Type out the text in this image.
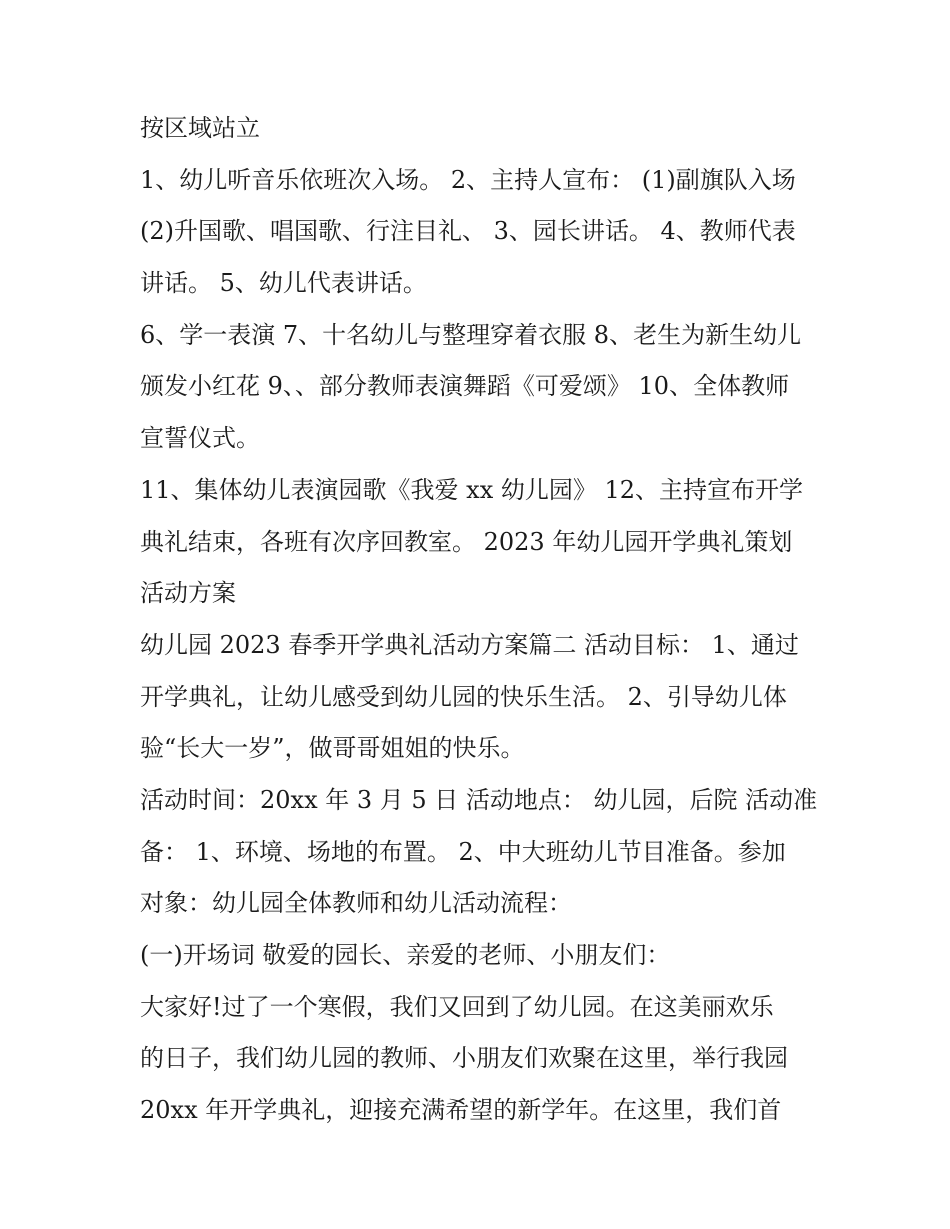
按区域站立
1、幼儿听音乐依班次入场。 2、主持人宣布： (1)副旗队入场
(2)升国歌、唱国歌、行注目礼、 3、园长讲话。 4、教师代表
讲话。 5、幼儿代表讲话。
6、学一表演 7、十名幼儿与整理穿着衣服 8、老生为新生幼儿
颁发小红花 9、、部分教师表演舞蹈《可爱颂》 10、全体教师
宣誓仪式。
11、集体幼儿表演园歌《我爱 xx 幼儿园》 12、主持宣布开学
典礼结束，各班有次序回教室。 2023 年幼儿园开学典礼策划
活动方案
幼儿园 2023 春季开学典礼活动方案篇二 活动目标： 1、通过
开学典礼，让幼儿感受到幼儿园的快乐生活。 2、引导幼儿体
验“长大一岁”，做哥哥姐姐的快乐。
活动时间：20xx 年 3 月 5 日 活动地点： 幼儿园，后院 活动准
备： 1、环境、场地的布置。 2、中大班幼儿节目准备。参加
对象：幼儿园全体教师和幼儿活动流程：
(一)开场词 敬爱的园长、亲爱的老师、小朋友们：
大家好!过了一个寒假，我们又回到了幼儿园。在这美丽欢乐
的日子，我们幼儿园的教师、小朋友们欢聚在这里，举行我园
20xx 年开学典礼，迎接充满希望的新学年。在这里，我们首
